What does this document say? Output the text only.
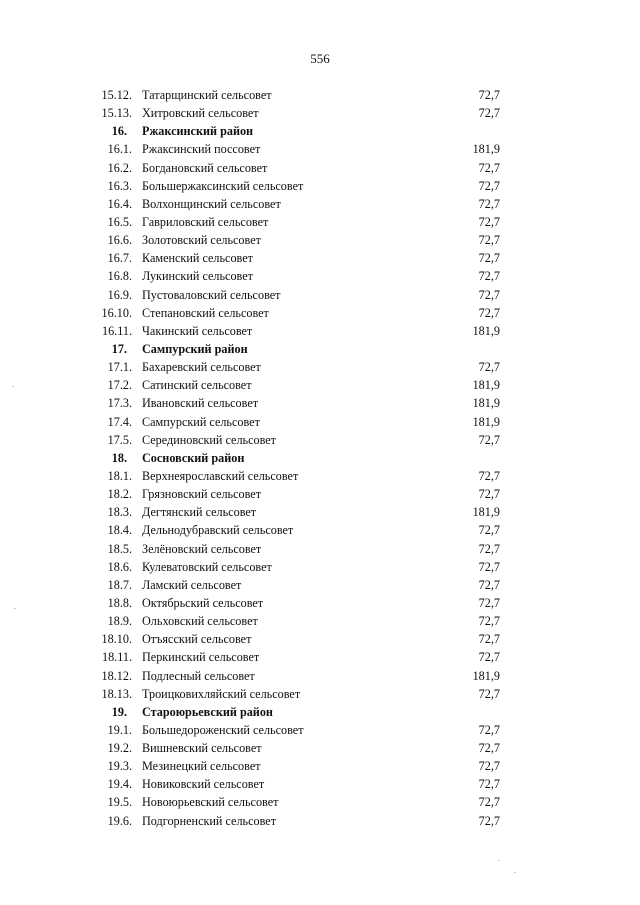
556
15.12. Татарщинский сельсовет	72,7
15.13. Хитровский сельсовет	72,7
16. Ржаксинский район
16.1. Ржаксинский поссовет	181,9
16.2. Богдановский сельсовет	72,7
16.3. Большержаксинский сельсовет	72,7
16.4. Волхонщинский сельсовет	72,7
16.5. Гавриловский сельсовет	72,7
16.6. Золотовский сельсовет	72,7
16.7. Каменский сельсовет	72,7
16.8. Лукинский сельсовет	72,7
16.9. Пустоваловский сельсовет	72,7
16.10. Степановский сельсовет	72,7
16.11. Чакинский сельсовет	181,9
17. Сампурский район
17.1. Бахаревский сельсовет	72,7
17.2. Сатинский сельсовет	181,9
17.3. Ивановский сельсовет	181,9
17.4. Сампурский сельсовет	181,9
17.5. Серединовский сельсовет	72,7
18. Сосновский район
18.1. Верхнеярославский сельсовет	72,7
18.2. Грязновский сельсовет	72,7
18.3. Дегтянский сельсовет	181,9
18.4. Дельнодубравский сельсовет	72,7
18.5. Зелёновский сельсовет	72,7
18.6. Кулеватовский сельсовет	72,7
18.7. Ламский сельсовет	72,7
18.8. Октябрьский сельсовет	72,7
18.9. Ольховский сельсовет	72,7
18.10. Отъясский сельсовет	72,7
18.11. Перкинский сельсовет	72,7
18.12. Подлесный сельсовет	181,9
18.13. Троицковихляйский сельсовет	72,7
19. Староюрьевский район
19.1. Большедороженский сельсовет	72,7
19.2. Вишневский сельсовет	72,7
19.3. Мезинецкий сельсовет	72,7
19.4. Новиковский сельсовет	72,7
19.5. Новоюрьевский сельсовет	72,7
19.6. Подгорненский сельсовет	72,7
